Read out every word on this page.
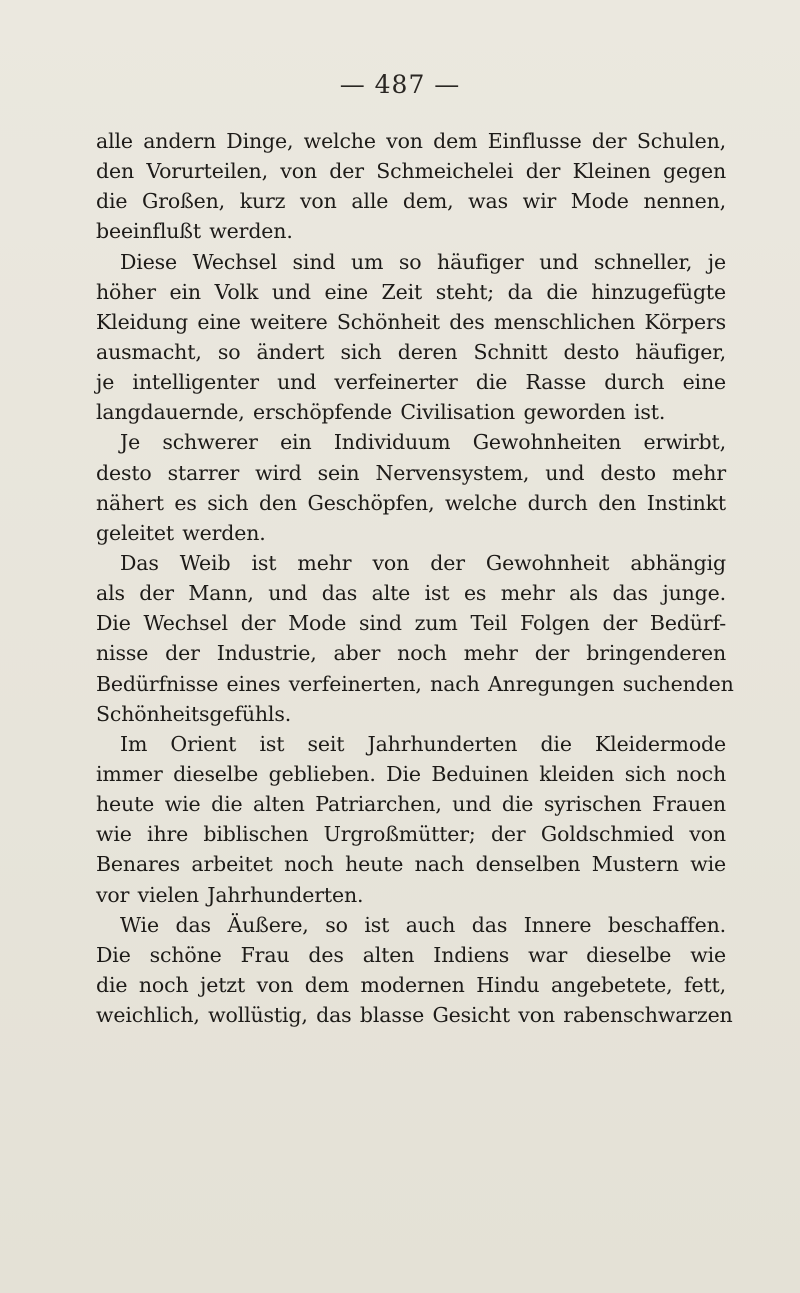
— 487 —
alle andern Dinge, welche von dem Einflusse der Schulen,
den Vorurteilen, von der Schmeichelei der Kleinen gegen
die Großen, kurz von alle dem, was wir Mode nennen,
beeinflußt werden.
Diese Wechsel sind um so häufiger und schneller, je
höher ein Volk und eine Zeit steht; da die hinzugefügte
Kleidung eine weitere Schönheit des menschlichen Körpers
ausmacht, so ändert sich deren Schnitt desto häufiger,
je intelligenter und verfeinerter die Rasse durch eine
langdauernde, erschöpfende Civilisation geworden ist.
Je schwerer ein Individuum Gewohnheiten erwirbt,
desto starrer wird sein Nervensystem, und desto mehr
nähert es sich den Geschöpfen, welche durch den Instinkt
geleitet werden.
Das Weib ist mehr von der Gewohnheit abhängig
als der Mann, und das alte ist es mehr als das junge.
Die Wechsel der Mode sind zum Teil Folgen der Bedürf-
nisse der Industrie, aber noch mehr der bringenderen
Bedürfnisse eines verfeinerten, nach Anregungen suchenden
Schönheitsgefühls.
Im Orient ist seit Jahrhunderten die Kleidermode
immer dieselbe geblieben. Die Beduinen kleiden sich noch
heute wie die alten Patriarchen, und die syrischen Frauen
wie ihre biblischen Urgroßmütter; der Goldschmied von
Benares arbeitet noch heute nach denselben Mustern wie
vor vielen Jahrhunderten.
Wie das Äußere, so ist auch das Innere beschaffen.
Die schöne Frau des alten Indiens war dieselbe wie
die noch jetzt von dem modernen Hindu angebetete, fett,
weichlich, wollüstig, das blasse Gesicht von rabenschwarzen
